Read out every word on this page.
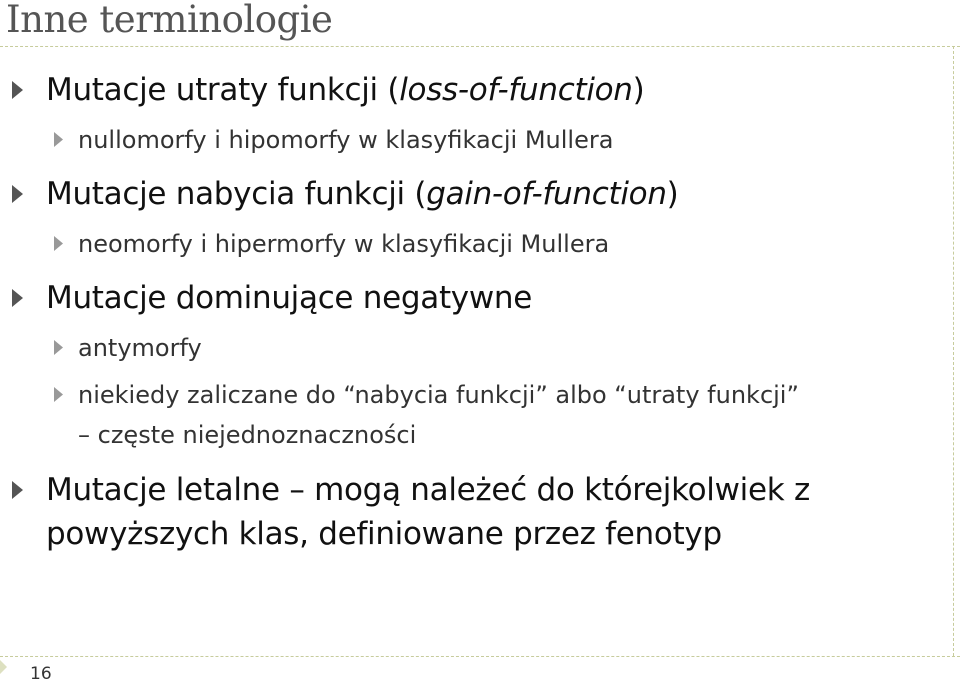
Inne terminologie
Mutacje utraty funkcji (loss-of-function)
nullomorfy i hipomorfy w klasyfikacji Mullera
Mutacje nabycia funkcji (gain-of-function)
neomorfy i hipermorfy w klasyfikacji Mullera
Mutacje dominujące negatywne
antymorfy
niekiedy zaliczane do “nabycia funkcji” albo “utraty funkcji”
– częste niejednoznaczności
Mutacje letalne – mogą należeć do którejkolwiek z
powyższych klas, definiowane przez fenotyp
16
